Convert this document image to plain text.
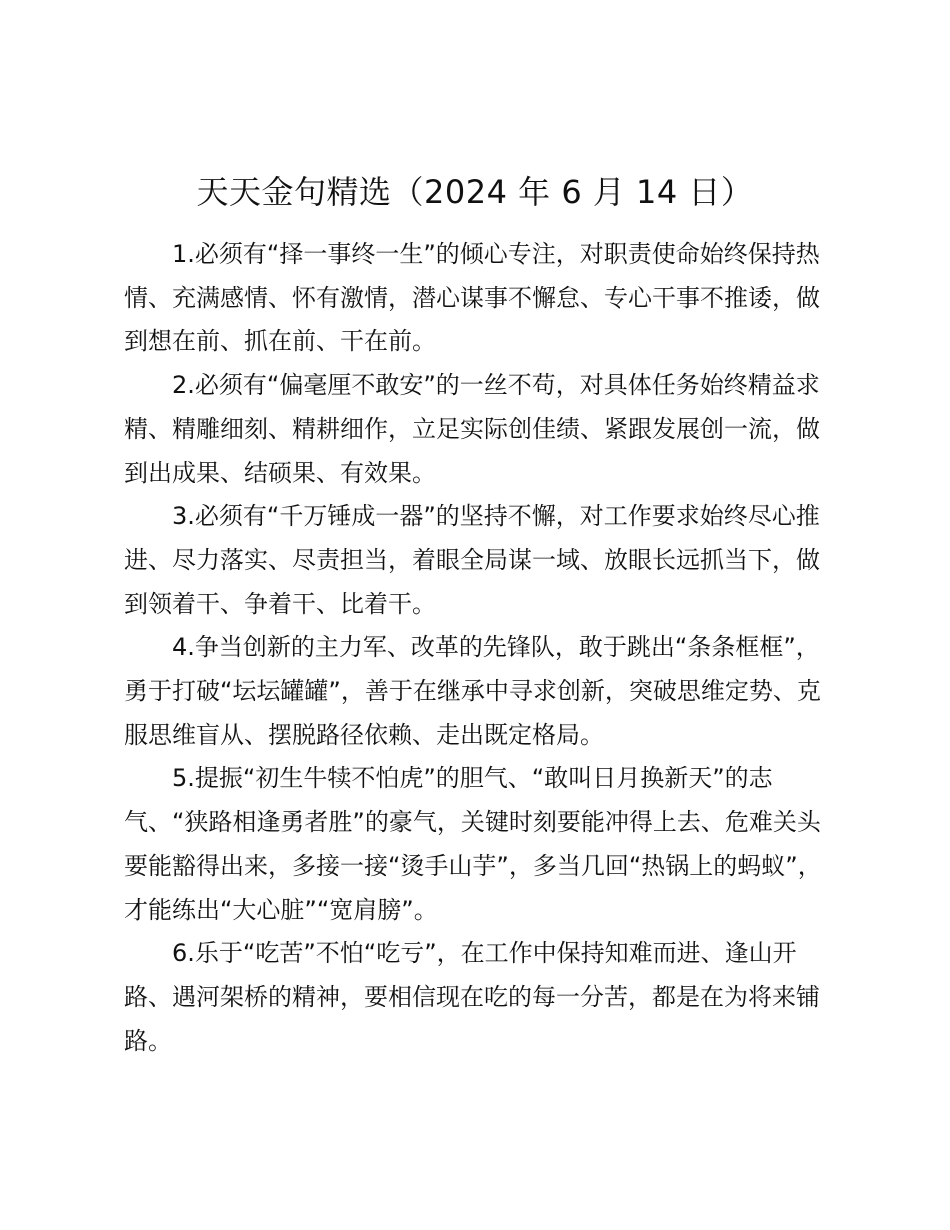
天天金句精选（2024 年 6 月 14 日）

1.必须有“择一事终一生”的倾心专注，对职责使命始终保持热情、充满感情、怀有激情，潜心谋事不懈怠、专心干事不推诿，做到想在前、抓在前、干在前。

2.必须有“偏毫厘不敢安”的一丝不苟，对具体任务始终精益求精、精雕细刻、精耕细作，立足实际创佳绩、紧跟发展创一流，做到出成果、结硕果、有效果。

3.必须有“千万锤成一器”的坚持不懈，对工作要求始终尽心推进、尽力落实、尽责担当，着眼全局谋一域、放眼长远抓当下，做到领着干、争着干、比着干。

4.争当创新的主力军、改革的先锋队，敢于跳出“条条框框”，勇于打破“坛坛罐罐”，善于在继承中寻求创新，突破思维定势、克服思维盲从、摆脱路径依赖、走出既定格局。

5.提振“初生牛犊不怕虎”的胆气、“敢叫日月换新天”的志气、“狭路相逢勇者胜”的豪气，关键时刻要能冲得上去、危难关头要能豁得出来，多接一接“烫手山芋”，多当几回“热锅上的蚂蚁”，才能练出“大心脏”“宽肩膀”。

6.乐于“吃苦”不怕“吃亏”，在工作中保持知难而进、逢山开路、遇河架桥的精神，要相信现在吃的每一分苦，都是在为将来铺路。
